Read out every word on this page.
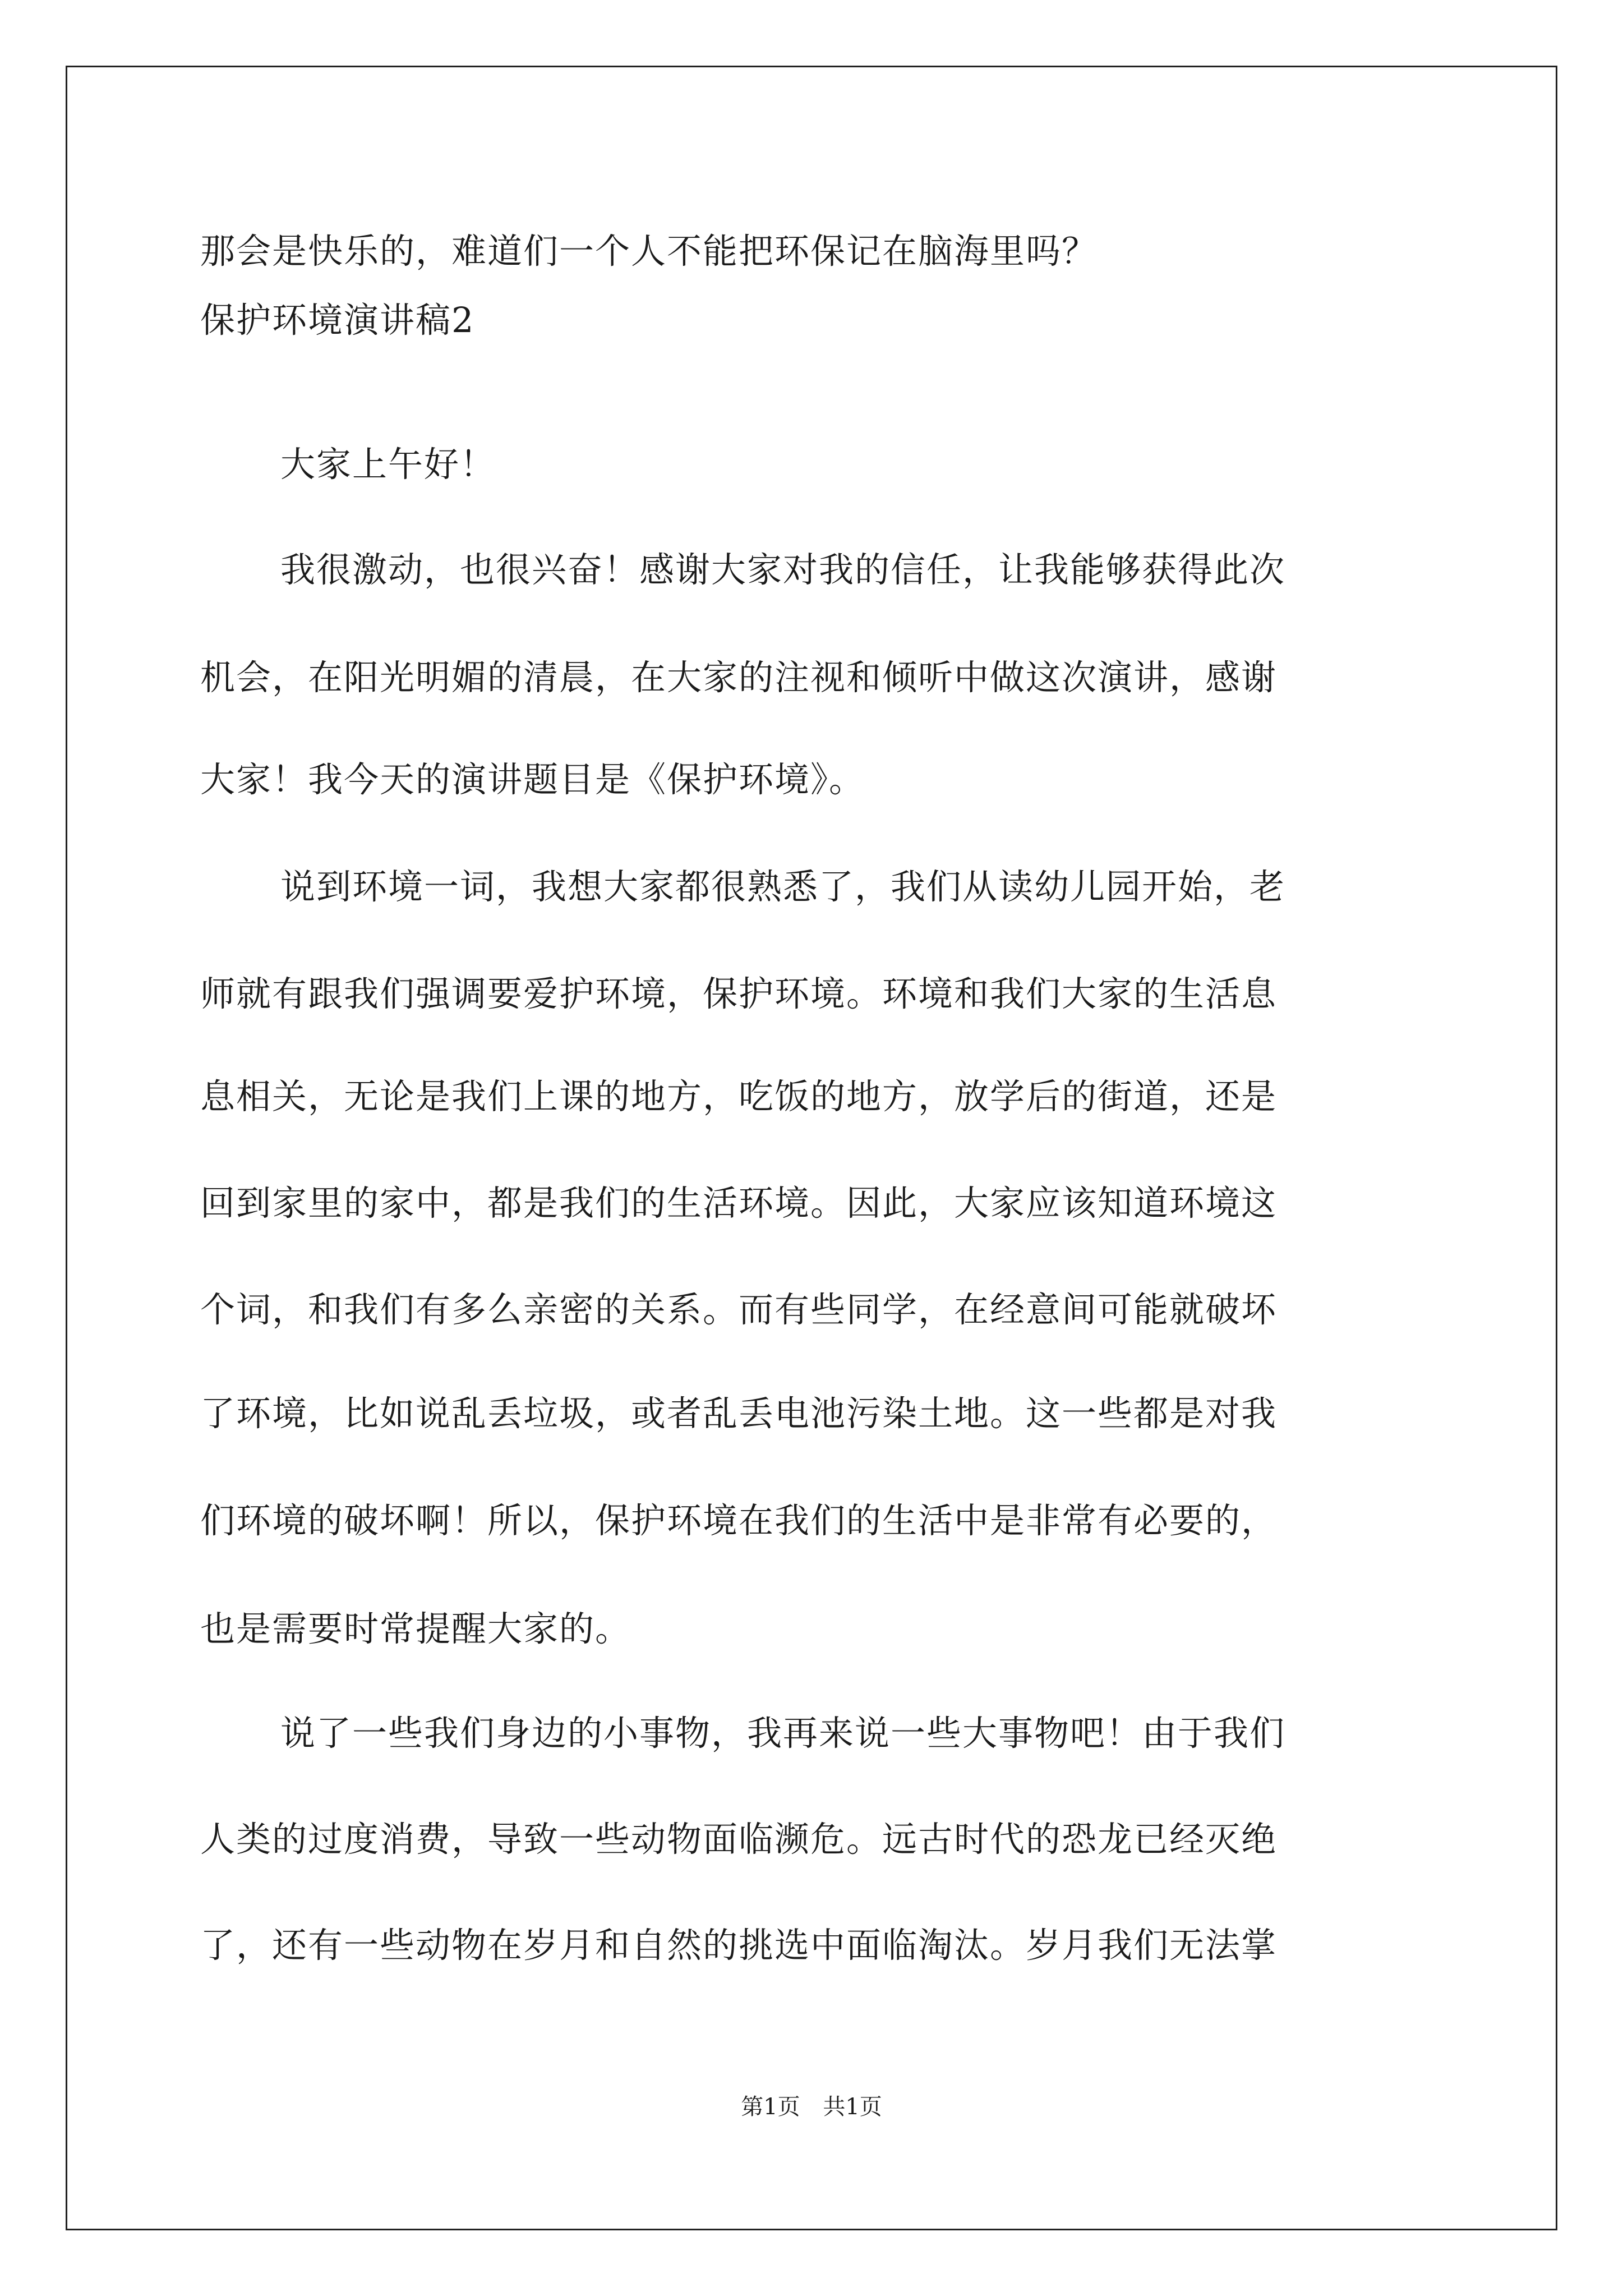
那会是快乐的，难道们一个人不能把环保记在脑海里吗？
保护环境演讲稿2
大家上午好！
我很激动，也很兴奋！感谢大家对我的信任，让我能够获得此次
机会，在阳光明媚的清晨，在大家的注视和倾听中做这次演讲，感谢
大家！我今天的演讲题目是《保护环境》。
说到环境一词，我想大家都很熟悉了，我们从读幼儿园开始，老
师就有跟我们强调要爱护环境，保护环境。环境和我们大家的生活息
息相关，无论是我们上课的地方，吃饭的地方，放学后的街道，还是
回到家里的家中，都是我们的生活环境。因此，大家应该知道环境这
个词，和我们有多么亲密的关系。而有些同学，在经意间可能就破坏
了环境，比如说乱丢垃圾，或者乱丢电池污染土地。这一些都是对我
们环境的破坏啊！所以，保护环境在我们的生活中是非常有必要的，
也是需要时常提醒大家的。
说了一些我们身边的小事物，我再来说一些大事物吧！由于我们
人类的过度消费，导致一些动物面临濒危。远古时代的恐龙已经灭绝
了，还有一些动物在岁月和自然的挑选中面临淘汰。岁月我们无法掌
第1页 共1页
